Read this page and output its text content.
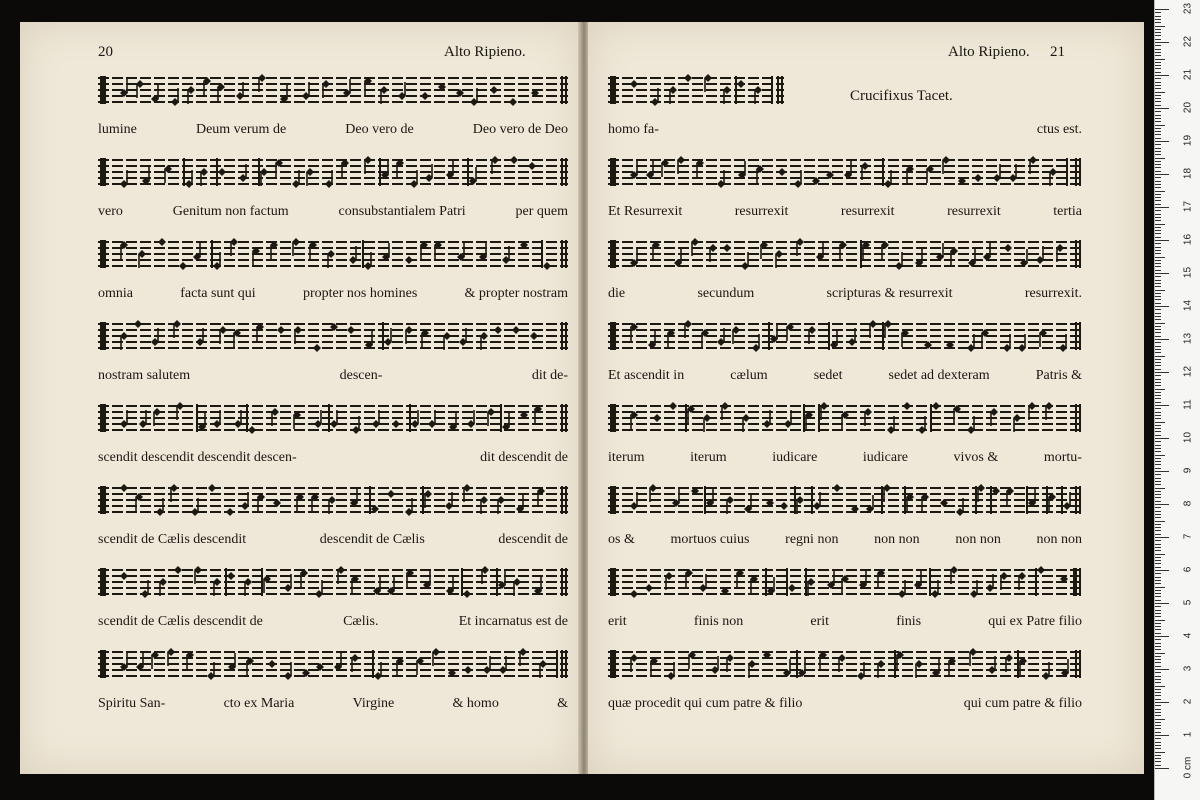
20	Alto Ripieno.
lumine	Deum verum de	Deo vero de	Deo vero de Deo
vero	Genitum non factum	consubstantialem Patri	per quem
omnia	facta sunt qui	propter nos homines	& propter nostram
nostram salutem	descen-	dit de-
scendit descendit descendit descen-	dit descendit de
scendit de Cælis descendit	descendit de Cælis	descendit de
scendit de Cælis descendit de	Cælis.	Et incarnatus est de
Spiritu San-	cto ex Maria	Virgine	& homo	&
Alto Ripieno. 21
Crucifixus Tacet.
homo fa-	ctus est.
Et Resurrexit	resurrexit	resurrexit	resurrexit	tertia
die	secundum	scripturas & resurrexit	resurrexit.
Et ascendit in	cælum	sedet	sedet ad dexteram	Patris &
iterum	iterum	iudicare	iudicare	vivos &	mortu-
os &	mortuos cuius	regni non	non non	non non	non non
erit	finis non	erit	finis	qui ex Patre filio
quæ procedit qui cum patre & filio	qui cum patre & filio
0 cm
1
2
3
4
5
6
7
8
9
10
11
12
13
14
15
16
17
18
19
20
21
22
23
